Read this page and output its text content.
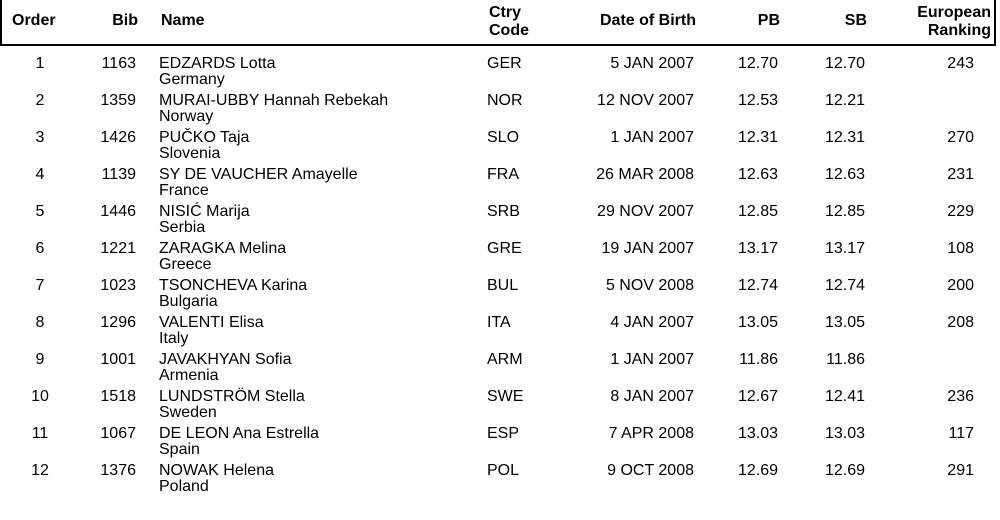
Order	Bib Name	Ctry
Code
Date of Birth	PB	SB	European
Ranking
1	1163 EDZARDS Lotta	GER	5 JAN 2007	12.70	12.70	243
Germany
2	1359 MURAI-UBBY Hannah Rebekah	NOR	12 NOV 2007	12.53	12.21
Norway
3	1426 PUČKO Taja	SLO	1 JAN 2007	12.31	12.31	270
Slovenia
4	1139 SY DE VAUCHER Amayelle	FRA	26 MAR 2008	12.63	12.63	231
France
5	1446 NISIĆ Marija	SRB	29 NOV 2007	12.85	12.85	229
Serbia
6	1221 ZARAGKA Melina	GRE	19 JAN 2007	13.17	13.17	108
Greece
7	1023 TSONCHEVA Karina	BUL	5 NOV 2008	12.74	12.74	200
Bulgaria
8	1296 VALENTI Elisa	ITA	4 JAN 2007	13.05	13.05	208
Italy
9	1001 JAVAKHYAN Sofia	ARM	1 JAN 2007	11.86	11.86
Armenia
10	1518 LUNDSTRÖM Stella	SWE	8 JAN 2007	12.67	12.41	236
Sweden
11	1067 DE LEON Ana Estrella	ESP	7 APR 2008	13.03	13.03	117
Spain
12	1376 NOWAK Helena	POL	9 OCT 2008	12.69	12.69	291
Poland
